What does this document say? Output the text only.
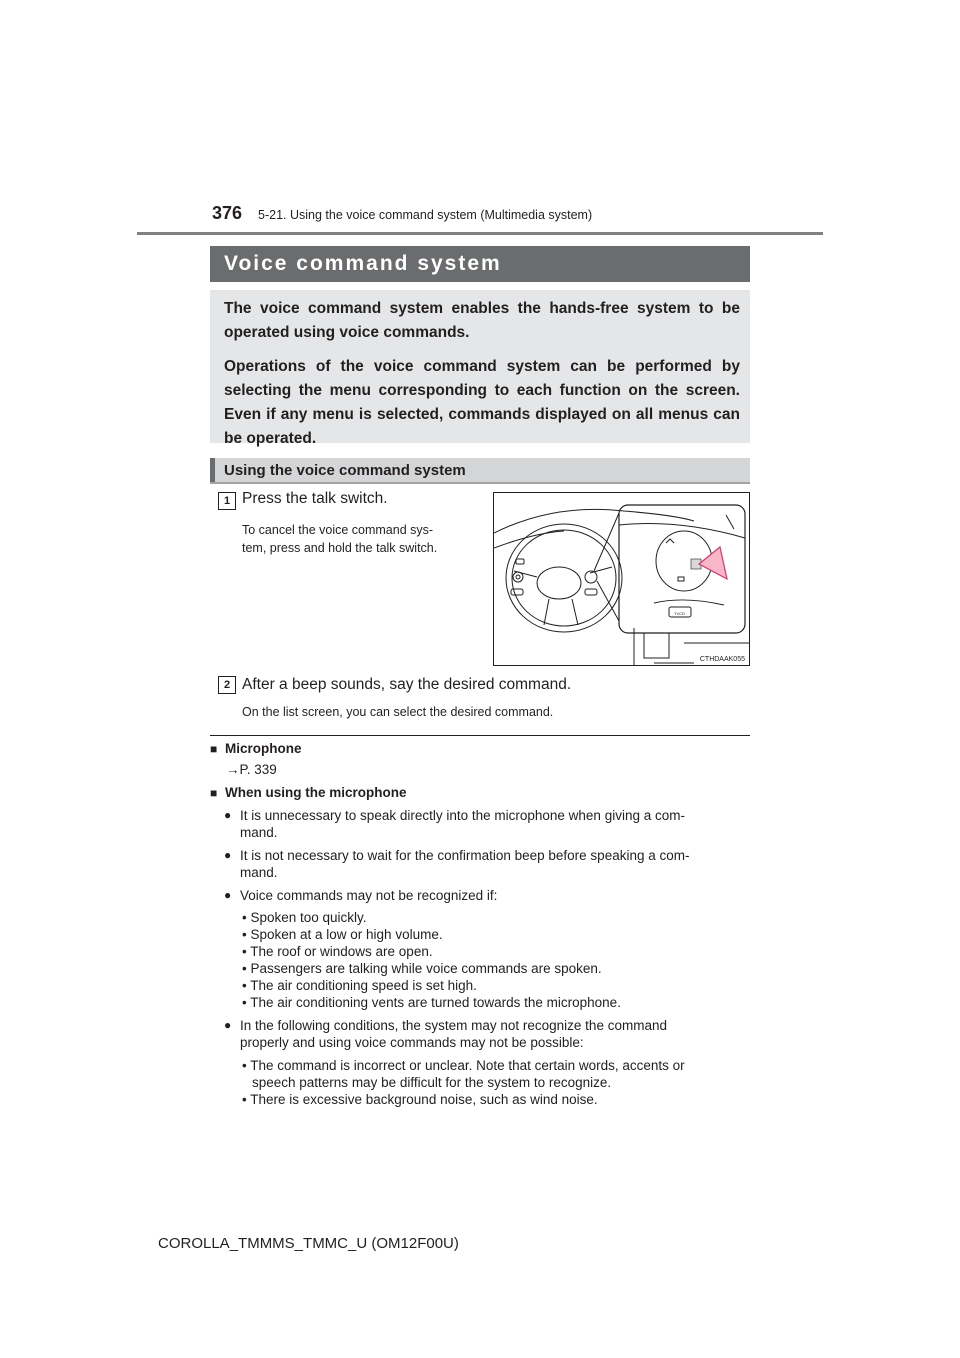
376 5-21. Using the voice command system (Multimedia system)
Voice command system

The voice command system enables the hands-free system to be operated using voice commands.

Operations of the voice command system can be performed by selecting the menu corresponding to each function on the screen. Even if any menu is selected, commands displayed on all menus can be operated.

Using the voice command system
1 Press the talk switch.
To cancel the voice command sys-
tem, press and hold the talk switch.
TVCD
CTHDAAK055
2 After a beep sounds, say the desired command.
On the list screen, you can select the desired command.
■ Microphone
→P. 339
■ When using the microphone
● It is unnecessary to speak directly into the microphone when giving a com-
mand.
● It is not necessary to wait for the confirmation beep before speaking a com-
mand.
● Voice commands may not be recognized if:
• Spoken too quickly.
• Spoken at a low or high volume.
• The roof or windows are open.
• Passengers are talking while voice commands are spoken.
• The air conditioning speed is set high.
• The air conditioning vents are turned towards the microphone.
● In the following conditions, the system may not recognize the command
properly and using voice commands may not be possible:
• The command is incorrect or unclear. Note that certain words, accents or
speech patterns may be difficult for the system to recognize.
• There is excessive background noise, such as wind noise.
COROLLA_TMMMS_TMMC_U (OM12F00U)
